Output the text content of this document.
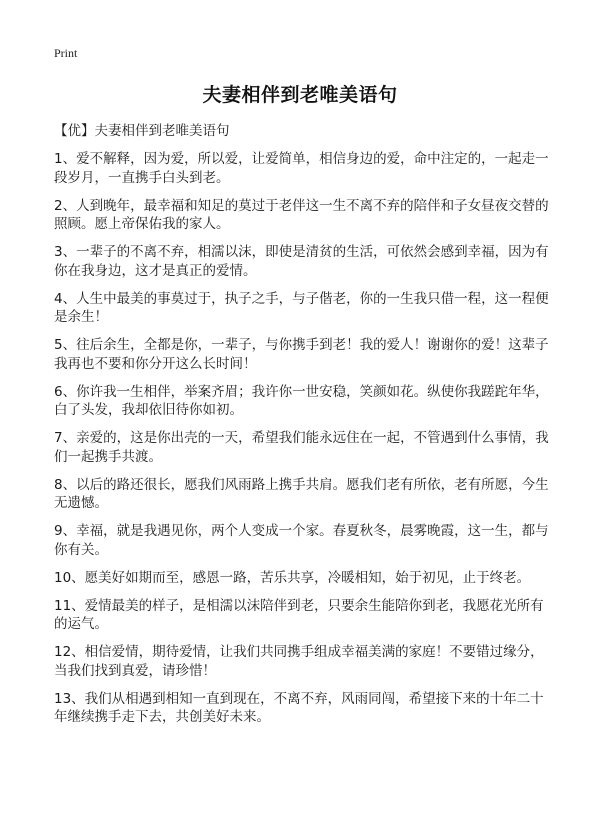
Print
夫妻相伴到老唯美语句
【优】夫妻相伴到老唯美语句

1、爱不解释，因为爱，所以爱，让爱简单，相信身边的爱，命中注定的，一起走一段岁月，一直携手白头到老。

2、人到晚年，最幸福和知足的莫过于老伴这一生不离不弃的陪伴和子女昼夜交替的照顾。愿上帝保佑我的家人。

3、一辈子的不离不弃，相濡以沫，即使是清贫的生活，可依然会感到幸福，因为有你在我身边，这才是真正的爱情。

4、人生中最美的事莫过于，执子之手，与子偕老，你的一生我只借一程，这一程便是余生！

5、往后余生，全都是你，一辈子，与你携手到老！我的爱人！谢谢你的爱！这辈子我再也不要和你分开这么长时间！

6、你许我一生相伴，举案齐眉；我许你一世安稳，笑颜如花。纵使你我蹉跎年华，白了头发，我却依旧待你如初。

7、亲爱的，这是你出壳的一天，希望我们能永远住在一起，不管遇到什么事情，我们一起携手共渡。

8、以后的路还很长，愿我们风雨路上携手共肩。愿我们老有所依，老有所愿，今生无遗憾。

9、幸福，就是我遇见你，两个人变成一个家。春夏秋冬，晨雾晚霞，这一生，都与你有关。

10、愿美好如期而至，感恩一路，苦乐共享，冷暖相知，始于初见，止于终老。

11、爱情最美的样子，是相濡以沫陪伴到老，只要余生能陪你到老，我愿花光所有的运气。

12、相信爱情，期待爱情，让我们共同携手组成幸福美满的家庭！不要错过缘分，当我们找到真爱，请珍惜！

13、我们从相遇到相知一直到现在，不离不弃，风雨同闯，希望接下来的十年二十年继续携手走下去，共创美好未来。
